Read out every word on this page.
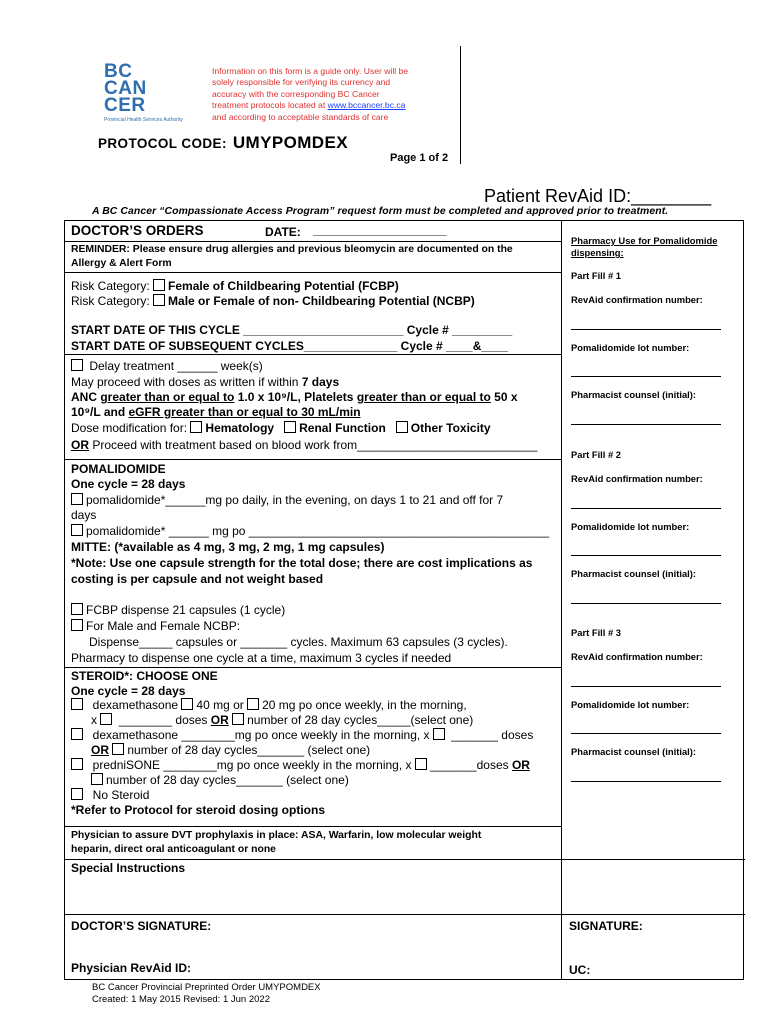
BC
CAN
CER
Provincial Health Services Authority
Information on this form is a guide only. User will be
solely responsible for verifying its currency and
accuracy with the corresponding BC Cancer
treatment protocols located at www.bccancer.bc.ca
and according to acceptable standards of care
PROTOCOL CODE: UMYPOMDEX
Page 1 of 2
Patient RevAid ID:________
A BC Cancer “Compassionate Access Program” request form must be completed and approved prior to treatment.
DOCTOR’S ORDERS	DATE: ____________________
REMINDER: Please ensure drug allergies and previous bleomycin are documented on the
Allergy & Alert Form
Risk Category: Female of Childbearing Potential (FCBP)
Risk Category: Male or Female of non- Childbearing Potential (NCBP)
START DATE OF THIS CYCLE ________________________ Cycle # _________
START DATE OF SUBSEQUENT CYCLES______________ Cycle # ____&____
Delay treatment ______ week(s)
May proceed with doses as written if within 7 days
ANC greater than or equal to 1.0 x 10⁹/L, Platelets greater than or equal to 50 x
10⁹/L and eGFR greater than or equal to 30 mL/min
Dose modification for: Hematology Renal Function Other Toxicity
OR Proceed with treatment based on blood work from___________________________
POMALIDOMIDE
One cycle = 28 days
pomalidomide*______mg po daily, in the evening, on days 1 to 21 and off for 7
days
pomalidomide* ______ mg po _____________________________________________
MITTE: (*available as 4 mg, 3 mg, 2 mg, 1 mg capsules)
*Note: Use one capsule strength for the total dose; there are cost implications as
costing is per capsule and not weight based
FCBP dispense 21 capsules (1 cycle)
For Male and Female NCBP:
Dispense_____ capsules or _______ cycles. Maximum 63 capsules (3 cycles).
Pharmacy to dispense one cycle at a time, maximum 3 cycles if needed
STEROID*: CHOOSE ONE
One cycle = 28 days
dexamethasone 40 mg or 20 mg po once weekly, in the morning,
x ________ doses OR number of 28 day cycles_____(select one)
dexamethasone ________mg po once weekly in the morning, x _______ doses
OR number of 28 day cycles_______ (select one)
predniSONE ________mg po once weekly in the morning, x _______doses OR
number of 28 day cycles_______ (select one)
No Steroid
*Refer to Protocol for steroid dosing options
Physician to assure DVT prophylaxis in place: ASA, Warfarin, low molecular weight
heparin, direct oral anticoagulant or none
Special Instructions
DOCTOR’S SIGNATURE:
Physician RevAid ID:
SIGNATURE:
UC:
Pharmacy Use for Pomalidomide
dispensing:
Part Fill # 1
RevAid confirmation number:
Pomalidomide lot number:
Pharmacist counsel (initial):
Part Fill # 2
RevAid confirmation number:
Pomalidomide lot number:
Pharmacist counsel (initial):
Part Fill # 3
RevAid confirmation number:
Pomalidomide lot number:
Pharmacist counsel (initial):
BC Cancer Provincial Preprinted Order UMYPOMDEX
Created: 1 May 2015 Revised: 1 Jun 2022
